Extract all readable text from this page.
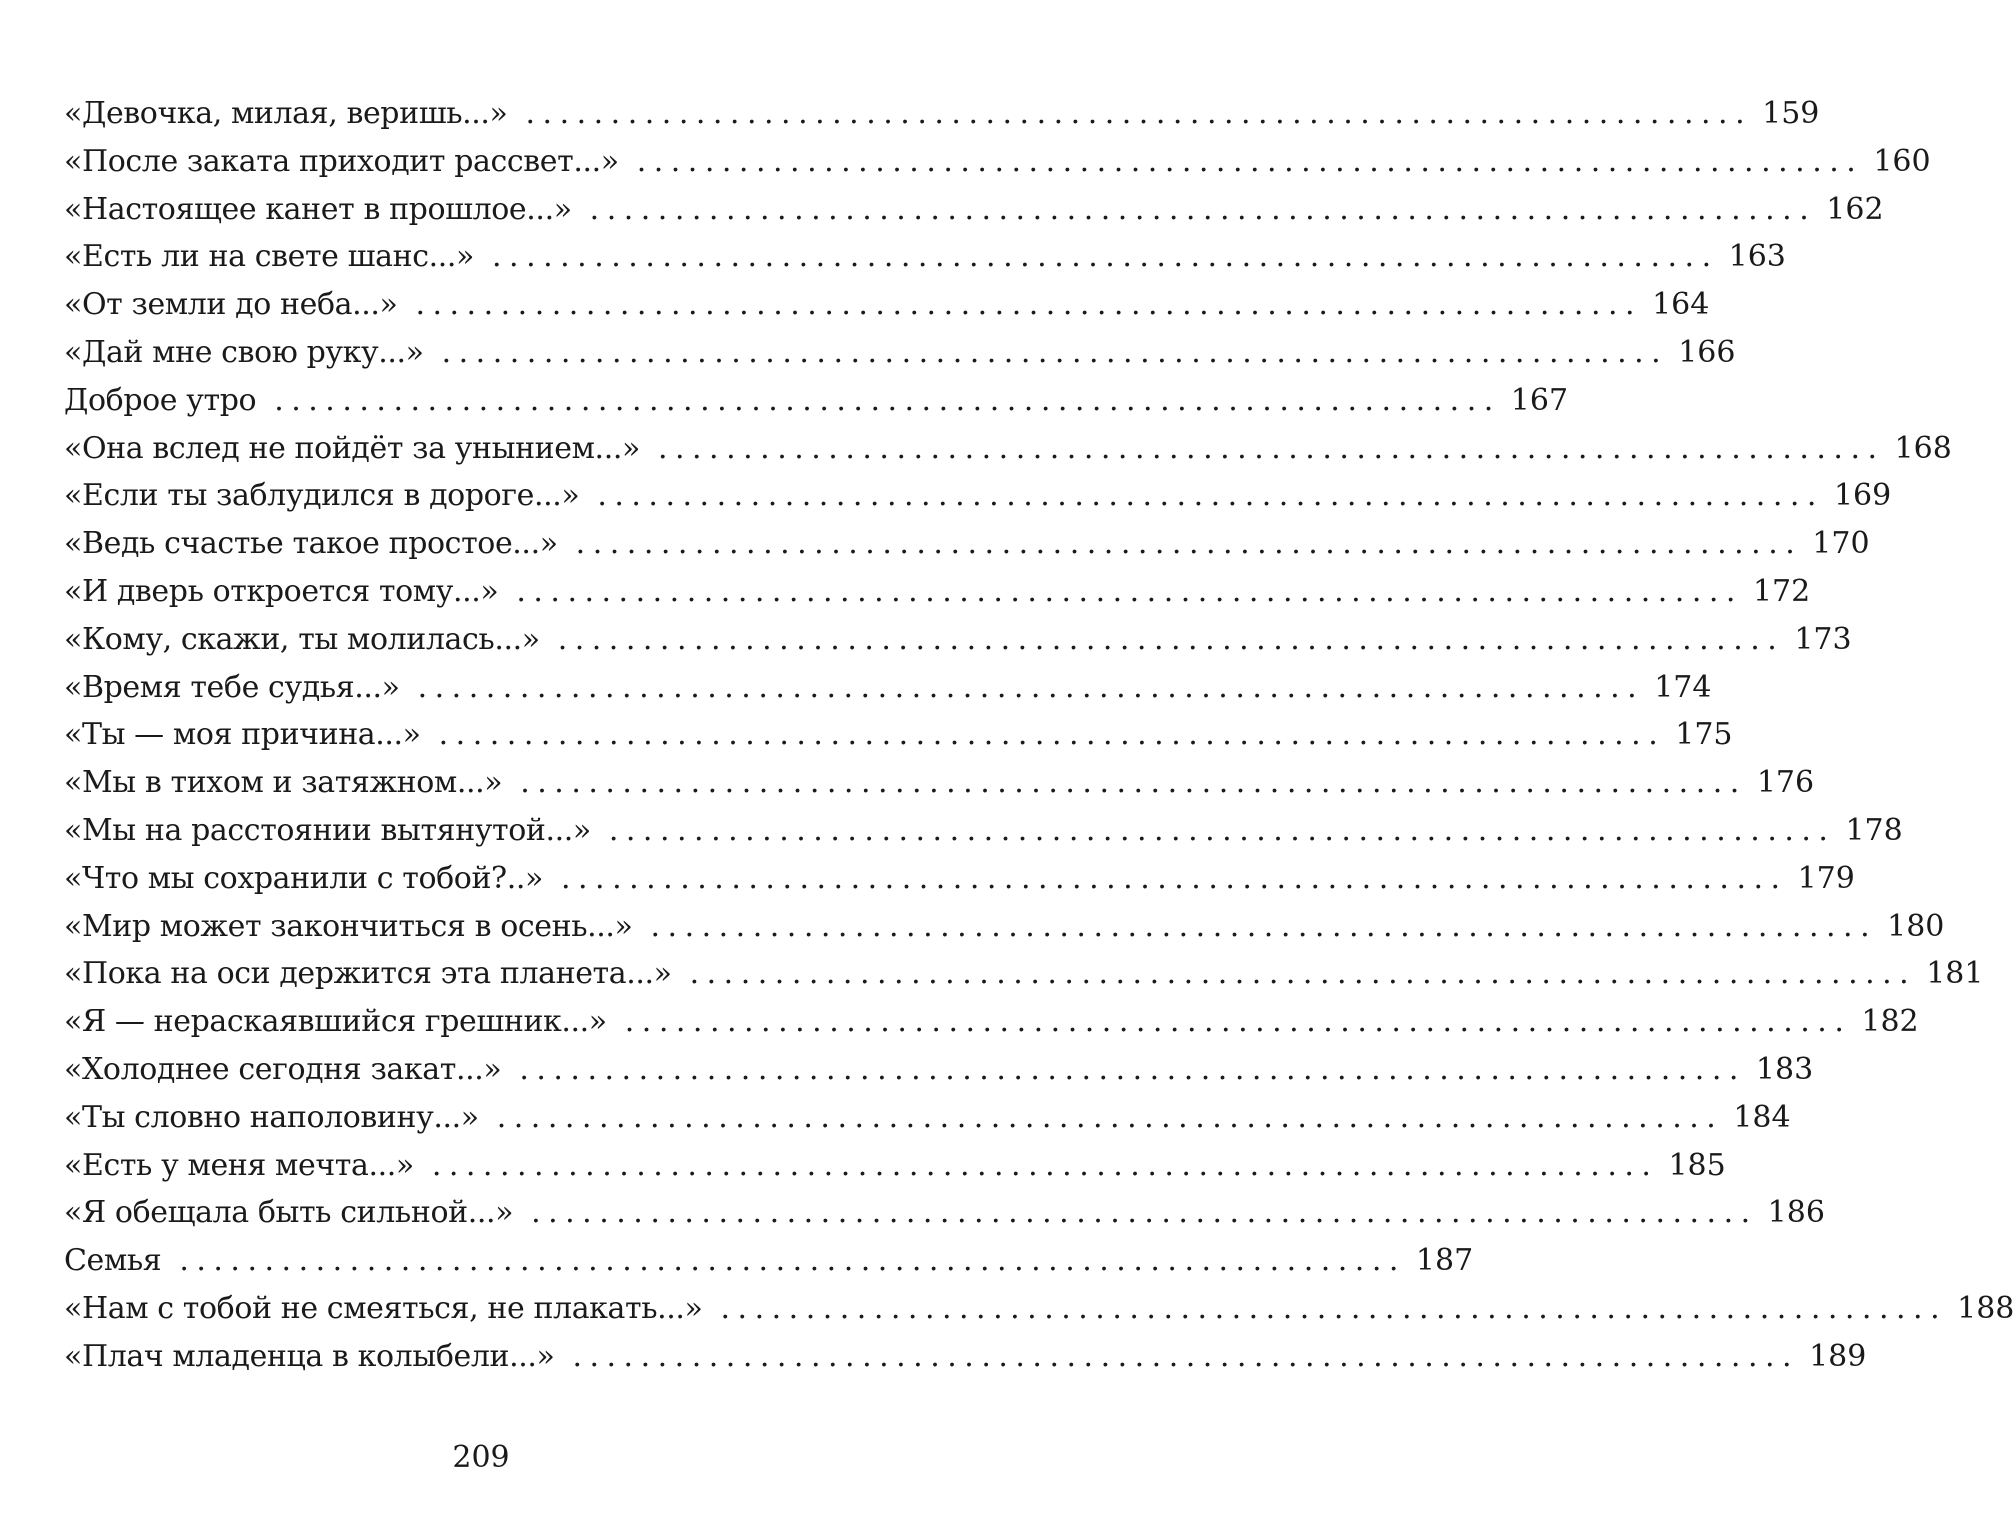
«Девочка, милая, веришь...» ........................................................................ 159
«После заката приходит рассвет...» ........................................................................ 160
«Настоящее канет в прошлое...» ........................................................................ 162
«Есть ли на свете шанс...» ........................................................................ 163
«От земли до неба...» ........................................................................ 164
«Дай мне свою руку...» ........................................................................ 166
Доброе утро ........................................................................ 167
«Она вслед не пойдёт за унынием...» ........................................................................ 168
«Если ты заблудился в дороге...» ........................................................................ 169
«Ведь счастье такое простое...» ........................................................................ 170
«И дверь откроется тому...» ........................................................................ 172
«Кому, скажи, ты молилась...» ........................................................................ 173
«Время тебе судья...» ........................................................................ 174
«Ты — моя причина...» ........................................................................ 175
«Мы в тихом и затяжном...» ........................................................................ 176
«Мы на расстоянии вытянутой...» ........................................................................ 178
«Что мы сохранили с тобой?..» ........................................................................ 179
«Мир может закончиться в осень...» ........................................................................ 180
«Пока на оси держится эта планета...» ........................................................................ 181
«Я — нераскаявшийся грешник...» ........................................................................ 182
«Холоднее сегодня закат...» ........................................................................ 183
«Ты словно наполовину...» ........................................................................ 184
«Есть у меня мечта...» ........................................................................ 185
«Я обещала быть сильной...» ........................................................................ 186
Семья ........................................................................ 187
«Нам с тобой не смеяться, не плакать...» ........................................................................ 188
«Плач младенца в колыбели...» ........................................................................ 189
209
